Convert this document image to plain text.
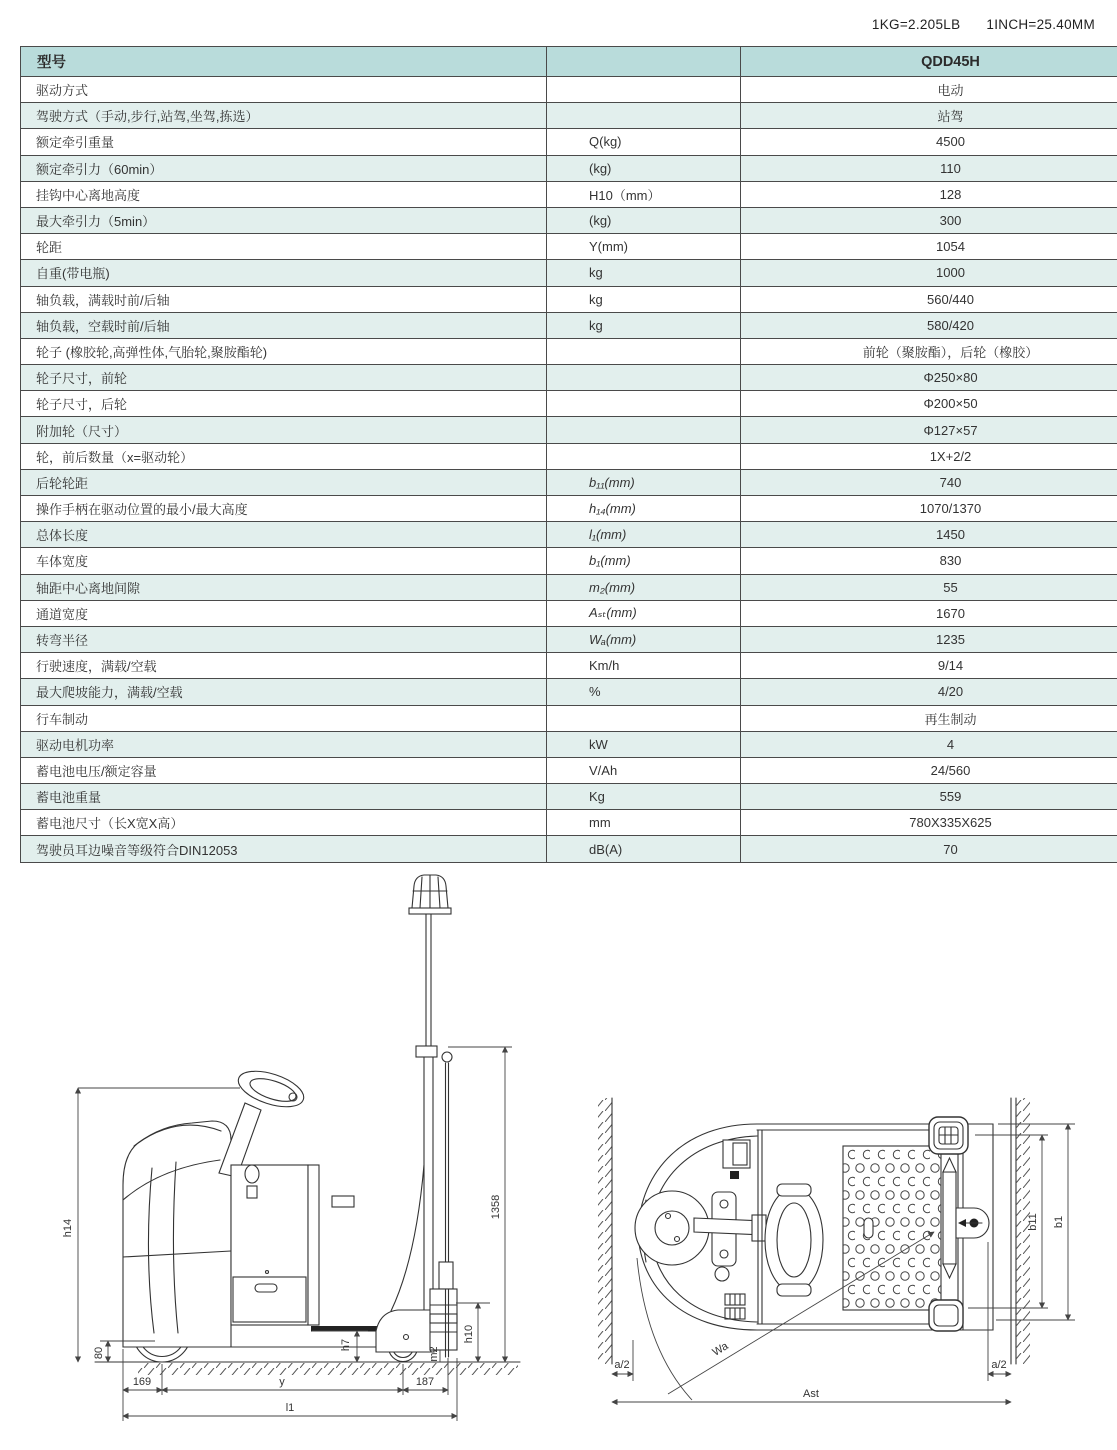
1KG=2.205LB 1INCH=25.40MM
型号		QDD45H
驱动方式		电动
驾驶方式（手动,步行,站驾,坐驾,拣选）		站驾
额定牵引重量	Q(kg)	4500
额定牵引力（60min）	(kg)	110
挂钩中心离地高度	H10（mm）	128
最大牵引力（5min）	(kg)	300
轮距	Y(mm)	1054
自重(带电瓶)	kg	1000
轴负载，满载时前/后轴	kg	560/440
轴负载，空载时前/后轴	kg	580/420
轮子 (橡胶轮,高弹性体,气胎轮,聚胺酯轮)		前轮（聚胺酯），后轮（橡胶）
轮子尺寸，前轮		Φ250×80
轮子尺寸，后轮		Φ200×50
附加轮（尺寸）		Φ127×57
轮，前后数量（x=驱动轮）		1X+2/2
后轮轮距	b₁₁(mm)	740
操作手柄在驱动位置的最小/最大高度	h₁₄(mm)	1070/1370
总体长度	l₁(mm)	1450
车体宽度	b₁(mm)	830
轴距中心离地间隙	m₂(mm)	55
通道宽度	Aₛₜ(mm)	1670
转弯半径	Wₐ(mm)	1235
行驶速度，满载/空载	Km/h	9/14
最大爬坡能力，满载/空载	%	4/20
行车制动		再生制动
驱动电机功率	kW	4
蓄电池电压/额定容量	V/Ah	24/560
蓄电池重量	Kg	559
蓄电池尺寸（长X宽X高）	mm	780X335X625
驾驶员耳边噪音等级符合DIN12053	dB(A)	70
h14
1358
80
h7
h10
m2
169	y	187
l1
Wa
b11 b1
a/2	a/2
Ast
